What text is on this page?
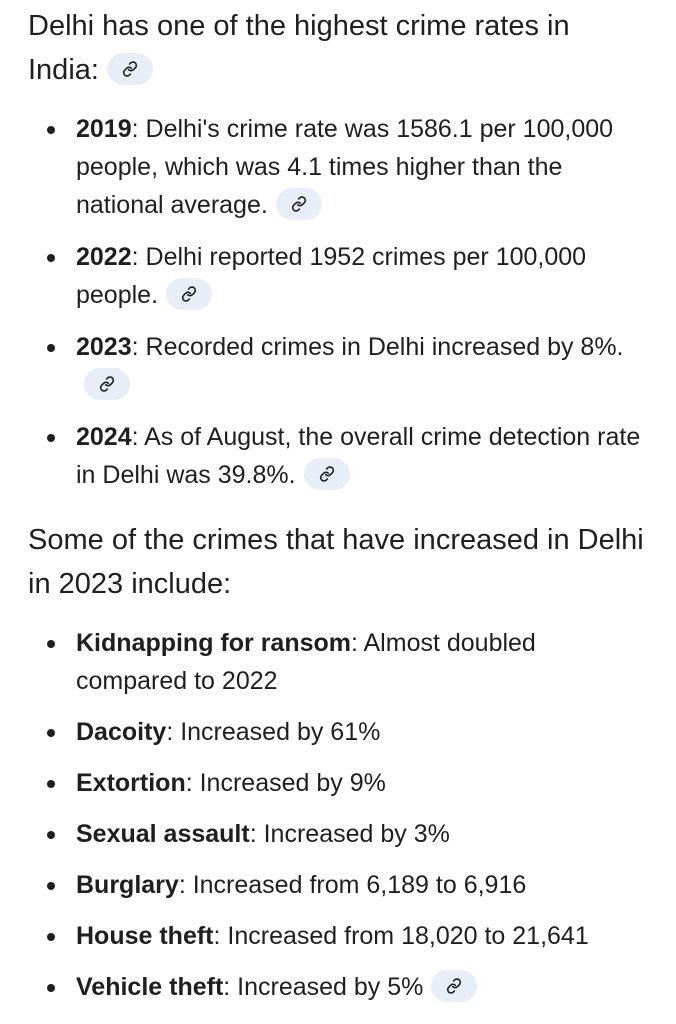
Delhi has one of the highest crime rates in India:

2019: Delhi's crime rate was 1586.1 per 100,000 people, which was 4.1 times higher than the national average.
2022: Delhi reported 1952 crimes per 100,000 people.
2023: Recorded crimes in Delhi increased by 8%.
2024: As of August, the overall crime detection rate in Delhi was 39.8%.

Some of the crimes that have increased in Delhi in 2023 include:

Kidnapping for ransom: Almost doubled compared to 2022
Dacoity: Increased by 61%
Extortion: Increased by 9%
Sexual assault: Increased by 3%
Burglary: Increased from 6,189 to 6,916
House theft: Increased from 18,020 to 21,641
Vehicle theft: Increased by 5%
